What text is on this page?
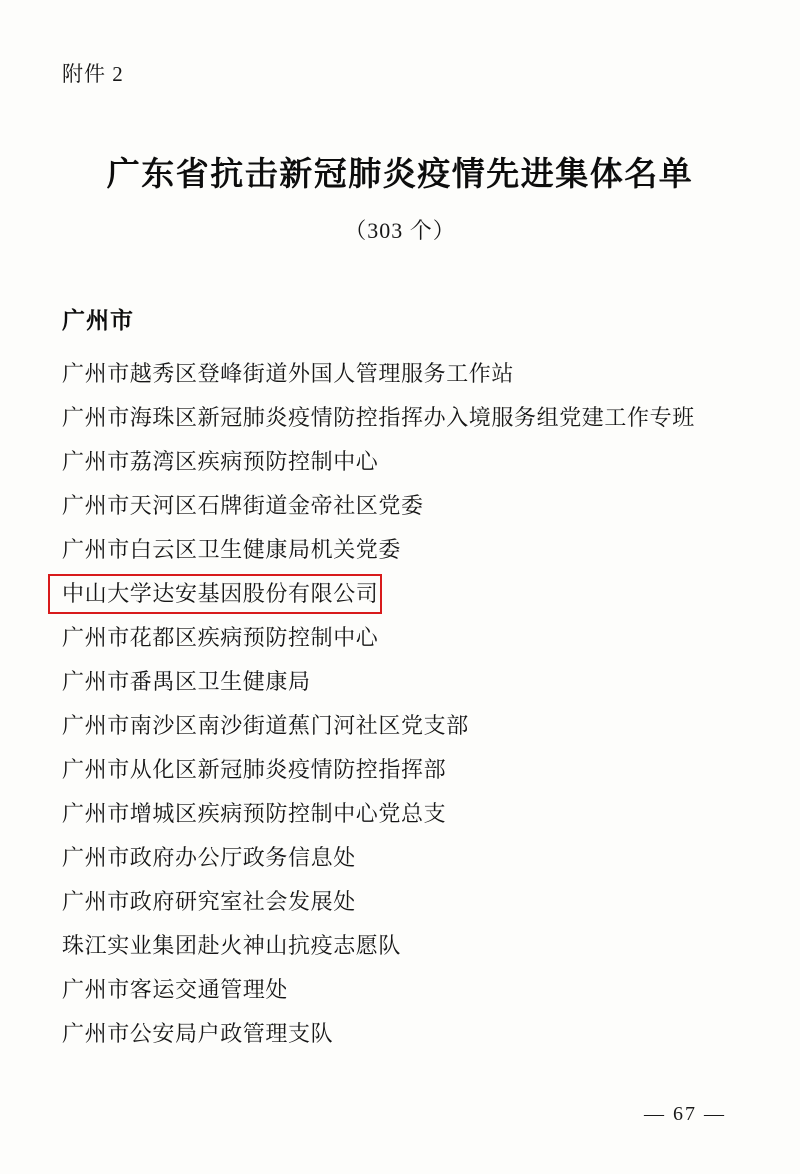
附件 2
广东省抗击新冠肺炎疫情先进集体名单
（303 个）
广州市
广州市越秀区登峰街道外国人管理服务工作站
广州市海珠区新冠肺炎疫情防控指挥办入境服务组党建工作专班
广州市荔湾区疾病预防控制中心
广州市天河区石牌街道金帝社区党委
广州市白云区卫生健康局机关党委
中山大学达安基因股份有限公司
广州市花都区疾病预防控制中心
广州市番禺区卫生健康局
广州市南沙区南沙街道蕉门河社区党支部
广州市从化区新冠肺炎疫情防控指挥部
广州市增城区疾病预防控制中心党总支
广州市政府办公厅政务信息处
广州市政府研究室社会发展处
珠江实业集团赴火神山抗疫志愿队
广州市客运交通管理处
广州市公安局户政管理支队
— 67 —
